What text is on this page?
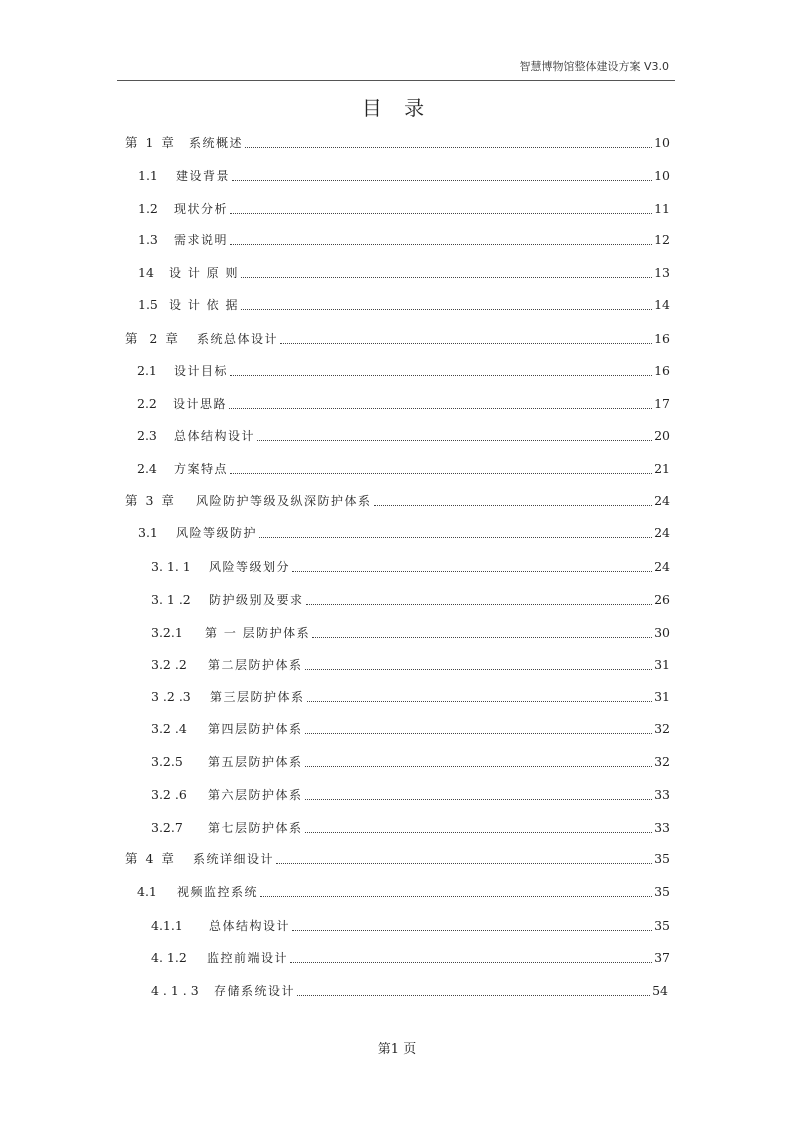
智慧博物馆整体建设方案 V3.0
目 录
第  1  章	系统概述	10
1.1	建设背景	10
1.2	现状分析	11
1.3	需求说明	12
14	设 计 原 则	13
1.5 设 计 依 据	14
第   2  章	系统总体设计	16
2.1	设计目标	16
2.2	设计思路	17
2.3	总体结构设计	20
2.4	方案特点	21
第  3  章	风险防护等级及纵深防护体系	24
3.1	风险等级防护	24
3. 1. 1	风险等级划分	24
3. 1 .2	防护级别及要求	26
3.2.1	第 一 层防护体系	30
3.2 .2	第二层防护体系	31
3 .2 .3	第三层防护体系	31
3.2 .4	第四层防护体系	32
3.2.5	第五层防护体系	32
3.2 .6	第六层防护体系	33
3.2.7	第七层防护体系	33
第  4  章	系统详细设计	35
4.1	视频监控系统	35
4.1.1	总体结构设计	35
4. 1.2	监控前端设计	37
4 . 1 . 3	存储系统设计	54
第1 页
